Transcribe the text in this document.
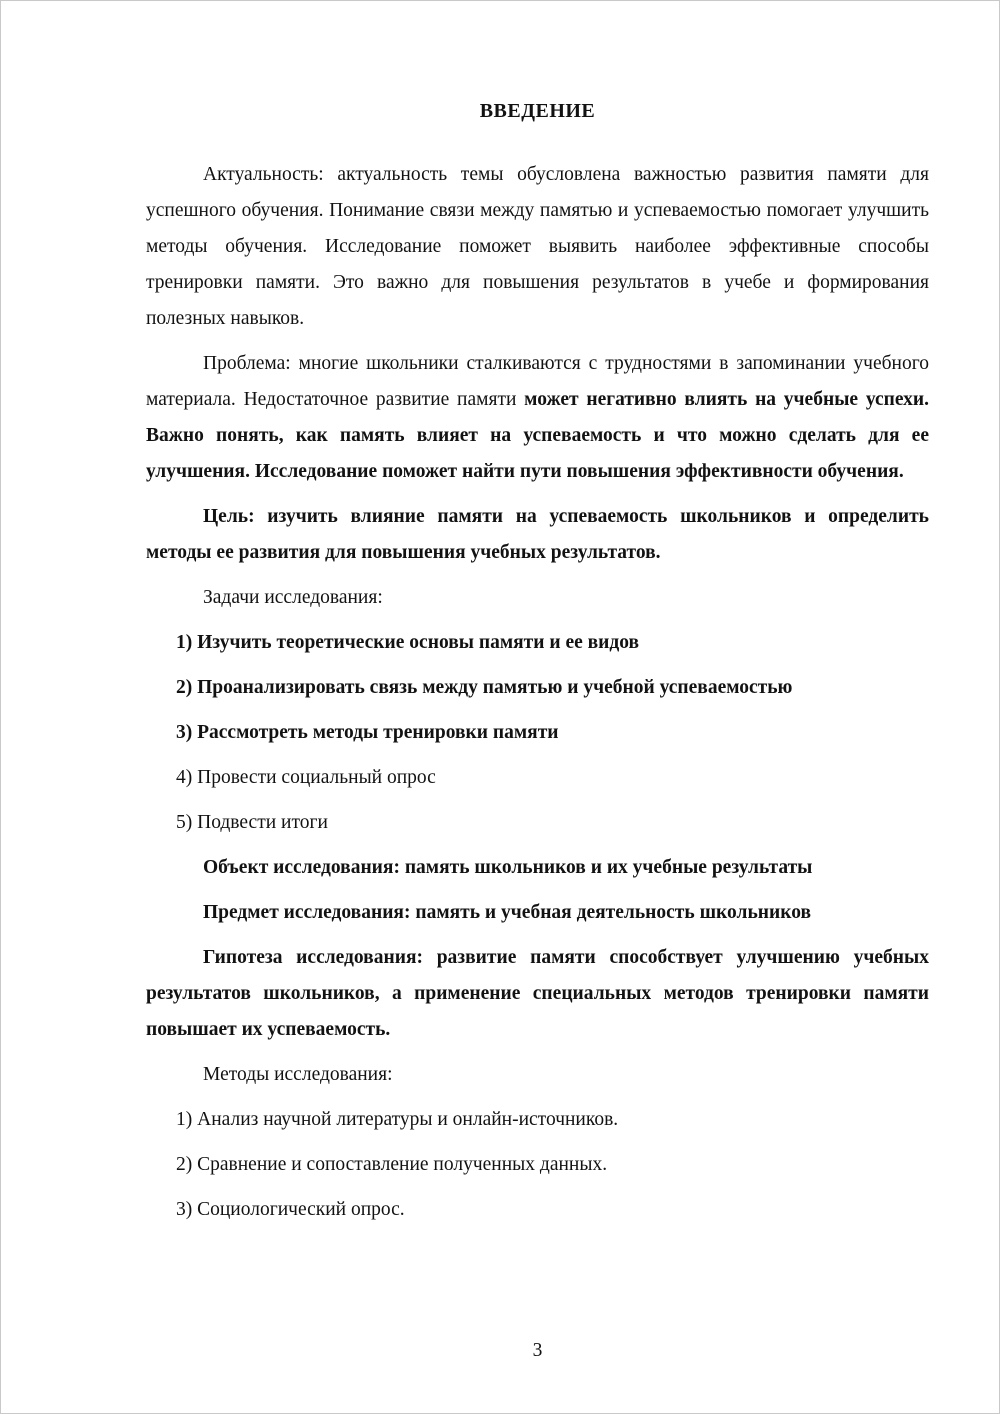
ВВЕДЕНИЕ

Актуальность: актуальность темы обусловлена важностью развития памяти для успешного обучения. Понимание связи между памятью и успеваемостью помогает улучшить методы обучения. Исследование поможет выявить наиболее эффективные способы тренировки памяти. Это важно для повышения результатов в учебе и формирования полезных навыков.

Проблема: многие школьники сталкиваются с трудностями в запоминании учебного материала. Недостаточное развитие памяти может негативно влиять на учебные успехи. Важно понять, как память влияет на успеваемость и что можно сделать для ее улучшения. Исследование поможет найти пути повышения эффективности обучения.

Цель: изучить влияние памяти на успеваемость школьников и определить методы ее развития для повышения учебных результатов.

Задачи исследования:

1) Изучить теоретические основы памяти и ее видов

2) Проанализировать связь между памятью и учебной успеваемостью

3) Рассмотреть методы тренировки памяти

4) Провести социальный опрос

5) Подвести итоги

Объект исследования: память школьников и их учебные результаты

Предмет исследования: память и учебная деятельность школьников

Гипотеза исследования: развитие памяти способствует улучшению учебных результатов школьников, а применение специальных методов тренировки памяти повышает их успеваемость.

Методы исследования:

1) Анализ научной литературы и онлайн-источников.

2) Сравнение и сопоставление полученных данных.

3) Социологический опрос.

3
